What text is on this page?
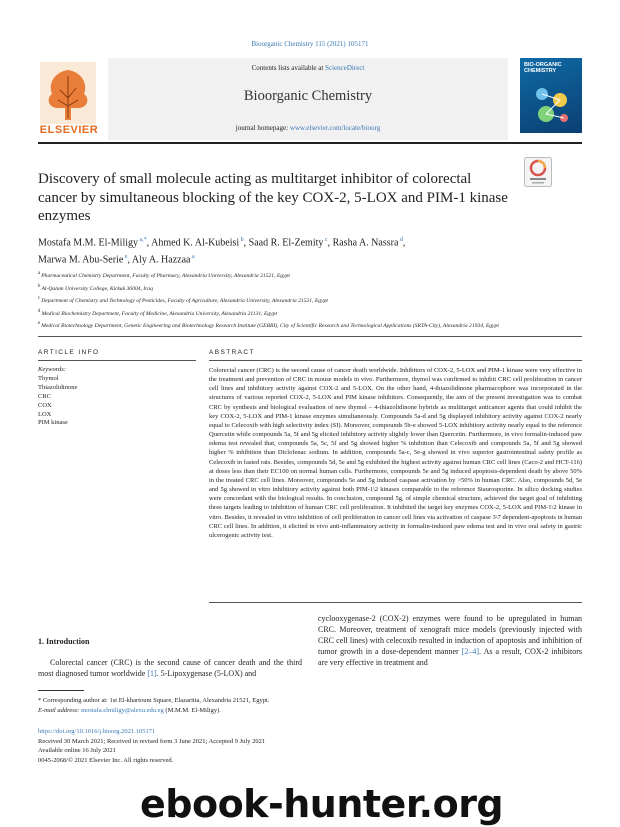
Bioorganic Chemistry 115 (2021) 105171
ELSEVIER
Contents lists available at ScienceDirect
Bioorganic Chemistry
journal homepage: www.elsevier.com/locate/bioorg
BIO-ORGANIC CHEMISTRY
Discovery of small molecule acting as multitarget inhibitor of colorectal cancer by simultaneous blocking of the key COX-2, 5-LOX and PIM-1 kinase enzymes
Mostafa M.M. El-Miligy $^{a,*}$, Ahmed K. Al-Kubeisi $^b$, Saad R. El-Zemity $^c$, Rasha A. Nassra $^d$,
Marwa M. Abu-Serie $^e$, Aly A. Hazzaa $^a$
$^a$ Pharmaceutical Chemistry Department, Faculty of Pharmacy, Alexandria University, Alexandria 21521, Egypt
$^b$ Al-Qalam University College, Kirkuk 36004, Iraq
$^c$ Department of Chemistry and Technology of Pesticides, Faculty of Agriculture, Alexandria University, Alexandria 21521, Egypt
$^d$ Medical Biochemistry Department, Faculty of Medicine, Alexandria University, Alexandria 21131, Egypt
$^e$ Medical Biotechnology Department, Genetic Engineering and Biotechnology Research Institute (GEBRI), City of Scientific Research and Technological Applications (SRTA-City), Alexandria 21934, Egypt
ARTICLE INFO	ABSTRACT
Keywords:
Thymol
Thiazolidinone
CRC
COX
LOX
PIM kinase
Colorectal cancer (CRC) is the second cause of cancer death worldwide. Inhibitors of COX-2, 5-LOX and PIM-1 kinase were very effective in the treatment and prevention of CRC in mouse models in vivo. Furthermore, thymol was confirmed to inhibit CRC cell proliferation in cancer cell lines and inhibitory activity against COX-2 and 5-LOX. On the other hand, 4-thiazolidinone pharmacophore was incorporated in the structures of various reported COX-2, 5-LOX and PIM kinase inhibitors. Consequently, the aim of the present investigation was to combat CRC by synthesis and biological evaluation of new thymol – 4-thiazolidinone hybrids as multitarget anticancer agents that could inhibit the key COX-2, 5-LOX and PIM-1 kinase enzymes simultaneously. Compounds 5a-d and 5g displayed inhibitory activity against COX-2 nearly equal to Celecoxib with high selectivity index (SI). Moreover, compounds 5b-e showed 5-LOX inhibitory activity nearly equal to the reference Quercetin while compounds 5a, 5f and 5g elicited inhibitory activity slightly lower than Quercetin. Furthermore, in vivo formalin-induced paw edema test revealed that, compounds 5a, 5c, 5f and 5g showed higher % inhibition than Celecoxib and compounds 5a, 5f and 5g showed higher % inhibition than Diclofenac sodium. In addition, compounds 5a-c, 5e-g showed in vivo superior gastrointestinal safety profile as Celecoxib in fasted rats. Besides, compounds 5d, 5e and 5g exhibited the highest activity against human CRC cell lines (Caco-2 and HCT-116) at doses less than their EC100 on normal human cells. Furthermore, compounds 5e and 5g induced apoptosis-dependent death by above 50% in the treated CRC cell lines. Moreover, compounds 5e and 5g induced caspase activation by >50% in human CRC. Also, compounds 5d, 5e and 5g showed in vitro inhibitory activity against both PIM-1\2 kinases comparable to the reference Staurosporine. In silico docking studies were concordant with the biological results. In conclusion, compound 5g, of simple chemical structure, achieved the target goal of inhibiting three targets leading to inhibition of human CRC cell proliferation. It inhibited the target key enzymes COX-2, 5-LOX and PIM-1\2 kinase in vitro. Besides, it revealed in vitro inhibition of cell proliferation in cancer cell lines via activation of caspase 3\7 dependent-apoptosis in human CRC cell lines. In addition, it elicited in vivo anti-inflammatory activity in formalin-induced paw edema test and in vivo oral safety in gastric ulcerogenic activity test.
1. Introduction
Colorectal cancer (CRC) is the second cause of cancer death and the third most diagnosed tumor worldwide [1]. 5-Lipoxygenase (5-LOX) and
cyclooxygenase-2 (COX-2) enzymes were found to be upregulated in human CRC. Moreover, treatment of xenograft mice models (previously injected with CRC cell lines) with celecoxib resulted in induction of apoptosis and inhibition of tumor growth in a dose-dependent manner [2–4]. As a result, COX-2 inhibitors are very effective in treatment and
* Corresponding author at: 1st El-khartoum Square, Elazaritta, Alexandria 21521, Egypt.
E-mail address: mostafa.elmiligy@alexu.edu.eg (M.M.M. El-Miligy).
https://doi.org/10.1016/j.bioorg.2021.105171
Received 30 March 2021; Received in revised form 3 June 2021; Accepted 9 July 2021
Available online 16 July 2021
0045-2068/© 2021 Elsevier Inc. All rights reserved.
ebook-hunter.org
